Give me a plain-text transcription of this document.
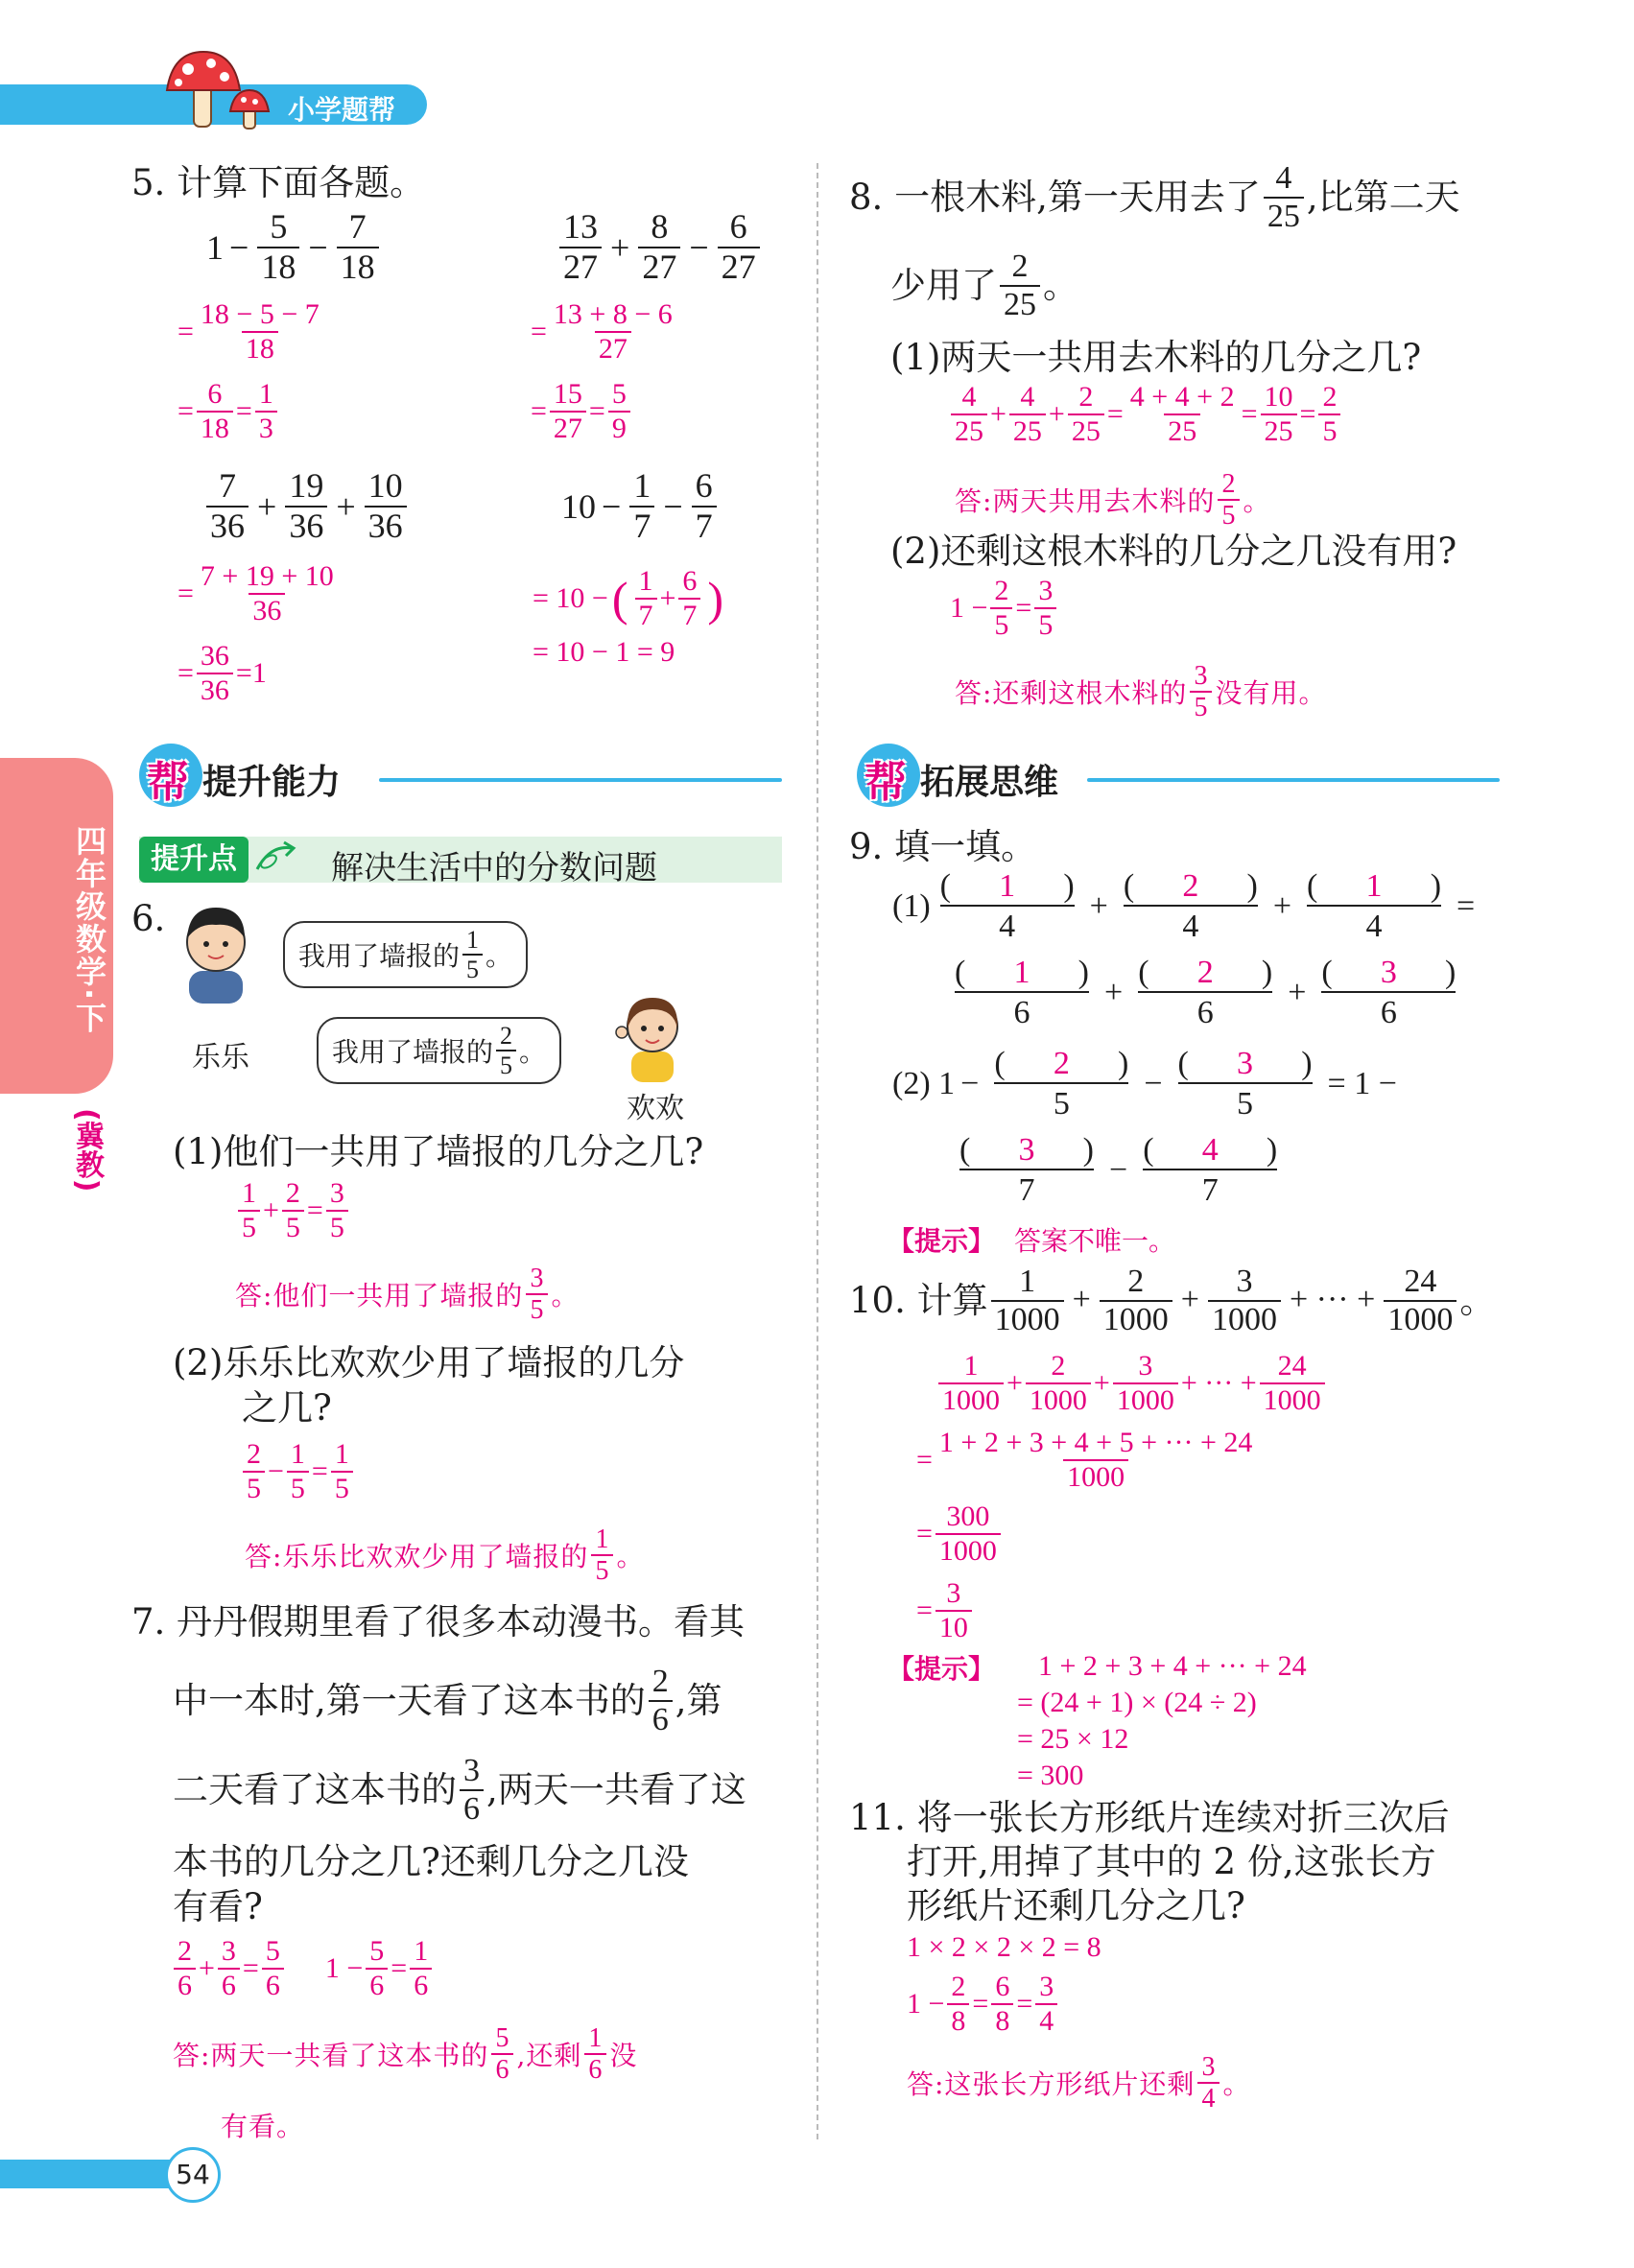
小学题帮
四年级数学·下
(冀教)
5. 计算下面各题。
$1 - \frac{5}{18} - \frac{7}{18}$
=
18 − 5 − 7
18
=
6
18
=
1
3
13
$27 + \frac{8}{27} - \frac{6}{27}$
=
13 + 8 − 6
27
=
15
27
=
5
9
7
$36 + \frac{19}{36} + \frac{10}{36}$
=
7 + 19 + 10
36
=
36
36
= 1
$10 - \frac{1}{7} - \frac{6}{7}$
= 10 − ( 1
7
+
6
7 )
= 10 − 1 = 9
帮 提升能力
提升点	解决生活中的分数问题
6.
我用了墙报的
1
5 。
乐乐	我用了墙报的
2
5 。
欢欢
(1)他们一共用了墙报的几分之几?
1
5
+
2
5
=
3
5
答:他们一共用了墙报的
3
5 。
(2)乐乐比欢欢少用了墙报的几分
之几?
2
5
−
1
5
=
1
5
答:乐乐比欢欢少用了墙报的
1
5 。
7. 丹丹假期里看了很多本动漫书。看其
中一本时,第一天看了这本书的 2
6 ,第
二天看了这本书的 3
6 ,两天一共看了这
本书的几分之几?还剩几分之几没
有看?
2
6
+
3
6
=
5
6
1 −
5
6
=
1
6
答:两天一共看了这本书的
5
6 ,还剩
1
6 没
有看。
54
8. 一根木料,第一天用去了 4
25 ,比第二天
少用了 2
25 。
(1)两天一共用去木料的几分之几?
4
25
+
4
25
+
2
25
=
4 + 4 + 2
25
=
10
25
=
2
5
答:两天共用去木料的
2
5 。
(2)还剩这根木料的几分之几没有用?
1 −
2
5
=
3
5
答:还剩这根木料的
3
5 没有用。
帮 拓展思维
9. 填一填。
(1)
( 1 )
4
+
( 2 )
4
+
( 1 )
4
=
( 1 )
6
+
( 2 )
6
+
( 3 )
6
(2) 1 −
( 2 )
5
−
( 3 )
5
= 1 −
( 3 )
7
−
( 4 )
7
【提示】 答案不唯一。
10. 计算 1
1000
+ $\frac{2}{1000} + \frac{3}{1000}$ + ··· + $\frac{24}{1000}$ 。
1
1000
+
2
1000
+
3
1000
+ ··· +
24
1000
=
1 + 2 + 3 + 4 + 5 + ··· + 24
1000
=
300
1000
=
3
10
【提示】 1 + 2 + 3 + 4 + ··· + 24
= (24 + 1) × (24 ÷ 2)
= 25 × 12
= 300
11. 将一张长方形纸片连续对折三次后
打开,用掉了其中的 2 份,这张长方
形纸片还剩几分之几?
1 × 2 × 2 × 2 = 8
1 −
2
8
=
6
8
=
3
4
答:这张长方形纸片还剩
3
4 。
